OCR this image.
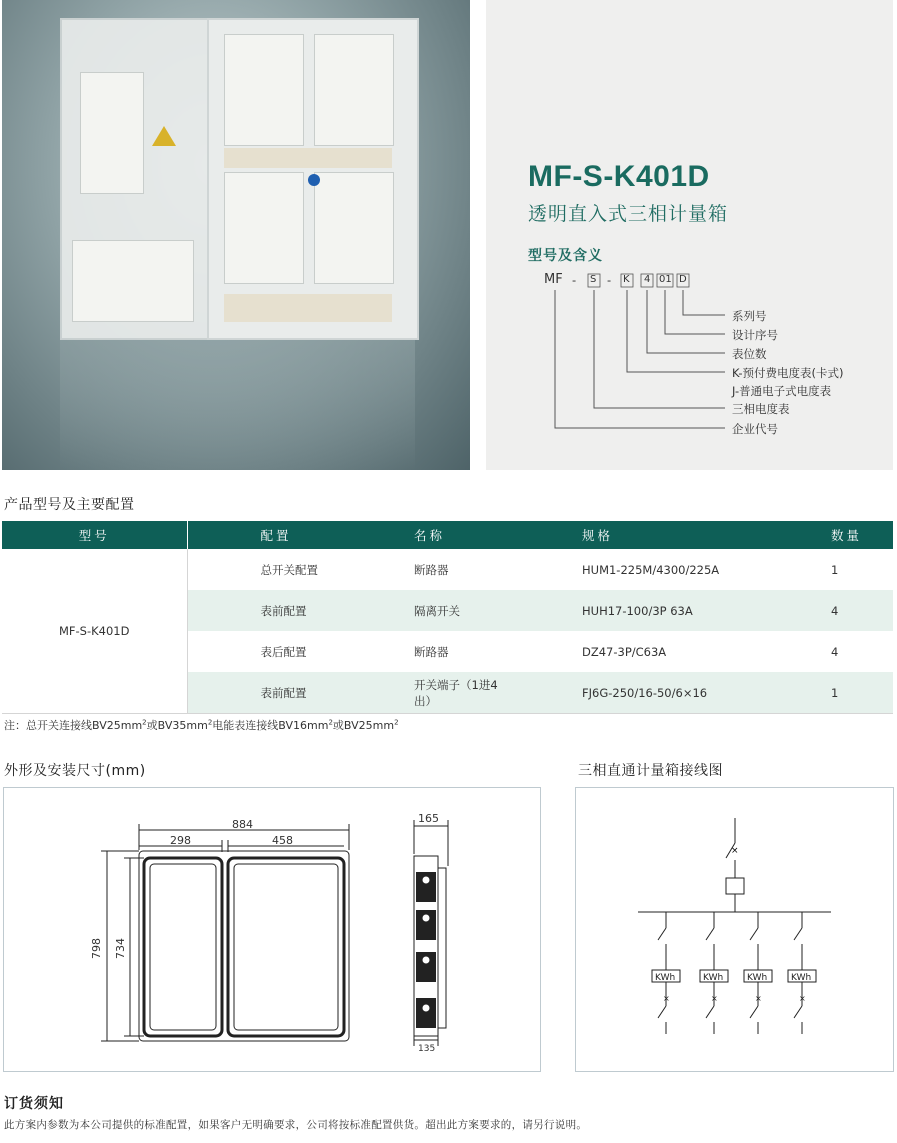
MF-S-K401D
透明直入式三相计量箱
型号及含义
MF - S - K 4 01 D
系列号
设计序号
表位数
K-预付费电度表(卡式)
J-普通电子式电度表
三相电度表
企业代号
产品型号及主要配置
型号	配置	名称	规格	数量
MF-S-K401D	总开关配置	断路器	HUM1-225M/4300/225A	1
	表前配置	隔离开关	HUH17-100/3P 63A	4
	表后配置	断路器	DZ47-3P/C63A	4
	表前配置	开关端子（1进4出）	FJ6G-250/16-50/6×16	1
注：总开关连接线$BV25mm^2$或$BV35mm^2$电能表连接线$BV16mm^2$或$BV25mm^2$
外形及安装尺寸(mm)
884
298	458
798 734
165
135
三相直通计量箱接线图
×
KWh
×
KWh
×
KWh
×
KWh
×
订货须知
此方案内参数为本公司提供的标准配置，如果客户无明确要求，公司将按标准配置供货。超出此方案要求的，请另行说明。
